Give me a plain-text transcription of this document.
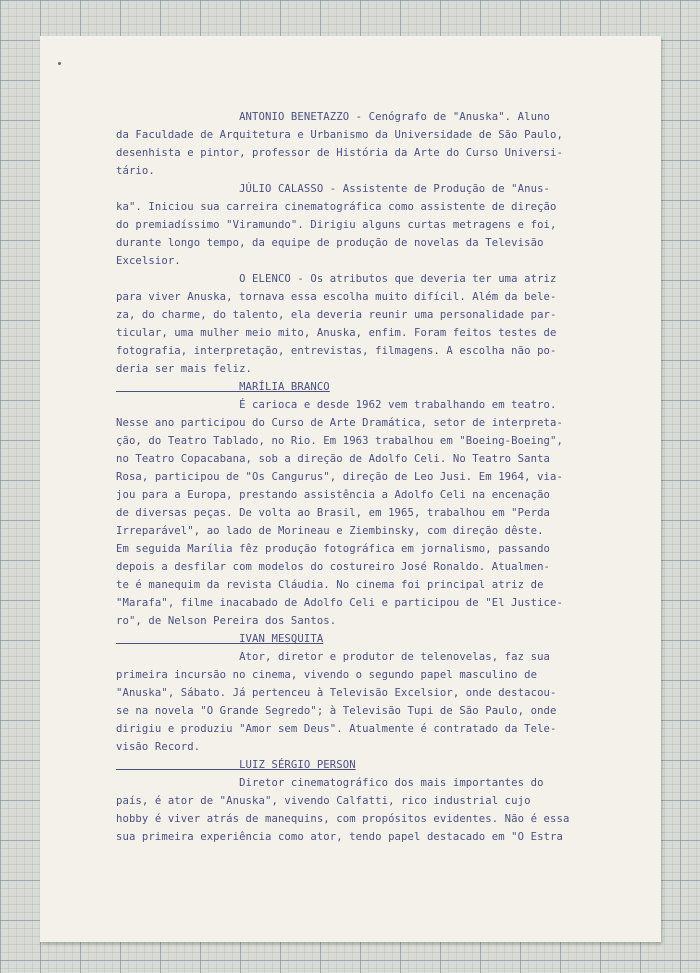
ANTONIO BENETAZZO - Cenógrafo de "Anuska". Aluno
da Faculdade de Arquitetura e Urbanismo da Universidade de São Paulo,
desenhista e pintor, professor de História da Arte do Curso Universi-
tário.
JÚLIO CALASSO - Assistente de Produção de "Anus-
ka". Iniciou sua carreira cinematográfica como assistente de direção
do premiadíssimo "Viramundo". Dirigiu alguns curtas metragens e foi,
durante longo tempo, da equipe de produção de novelas da Televisão
Excelsior.
O ELENCO - Os atributos que deveria ter uma atriz
para viver Anuska, tornava essa escolha muito difícil. Além da bele-
za, do charme, do talento, ela deveria reunir uma personalidade par-
ticular, uma mulher meio mito, Anuska, enfim. Foram feitos testes de
fotografia, interpretação, entrevistas, filmagens. A escolha não po-
deria ser mais feliz.
MARÍLIA BRANCO
É carioca e desde 1962 vem trabalhando em teatro.
Nesse ano participou do Curso de Arte Dramática, setor de interpreta-
ção, do Teatro Tablado, no Rio. Em 1963 trabalhou em "Boeing-Boeing",
no Teatro Copacabana, sob a direção de Adolfo Celi. No Teatro Santa
Rosa, participou de "Os Cangurus", direção de Leo Jusi. Em 1964, via-
jou para a Europa, prestando assistência a Adolfo Celi na encenação
de diversas peças. De volta ao Brasil, em 1965, trabalhou em "Perda
Irreparável", ao lado de Morineau e Ziembinsky, com direção dêste.
Em seguida Marília fêz produção fotográfica em jornalismo, passando
depois a desfilar com modelos do costureiro José Ronaldo. Atualmen-
te é manequim da revista Cláudia. No cinema foi principal atriz de
"Marafa", filme inacabado de Adolfo Celi e participou de "El Justice-
ro", de Nelson Pereira dos Santos.
IVAN MESQUITA
Ator, diretor e produtor de telenovelas, faz sua
primeira incursão no cinema, vivendo o segundo papel masculino de
"Anuska", Sábato. Já pertenceu à Televisão Excelsior, onde destacou-
se na novela "O Grande Segredo"; à Televisão Tupi de São Paulo, onde
dirigiu e produziu "Amor sem Deus". Atualmente é contratado da Tele-
visão Record.
LUIZ SÉRGIO PERSON
Diretor cinematográfico dos mais importantes do
país, é ator de "Anuska", vivendo Calfatti, rico industrial cujo
hobby é viver atrás de manequins, com propósitos evidentes. Não é essa
sua primeira experiência como ator, tendo papel destacado em "O Estra
